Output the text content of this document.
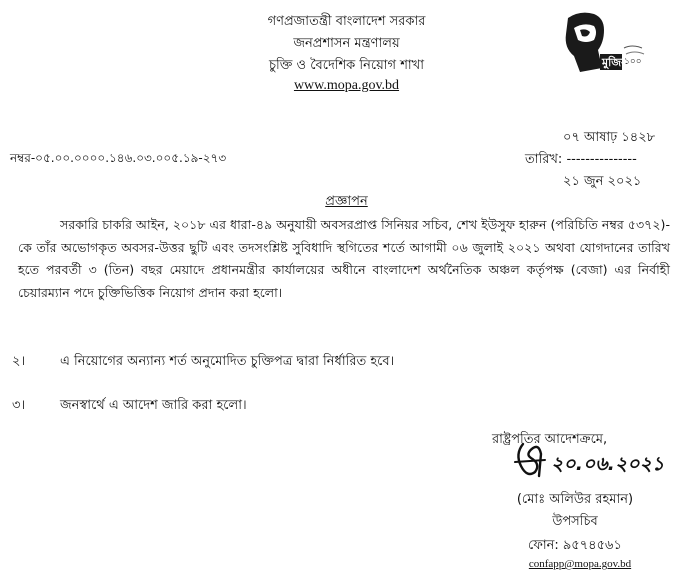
গণপ্রজাতন্ত্রী বাংলাদেশ সরকার
জনপ্রশাসন মন্ত্রণালয়
চুক্তি ও বৈদেশিক নিয়োগ শাখা
www.mopa.gov.bd
মুজিব
১০০
০৭ আষাঢ় ১৪২৮
নম্বর-০৫.০০.০০০০.১৪৬.০৩.০০৫.১৯-২৭৩	তারিখ: ---------------
২১ জুন ২০২১
প্রজ্ঞাপন
সরকারি চাকরি আইন, ২০১৮ এর ধারা-৪৯ অনুযায়ী অবসরপ্রাপ্ত সিনিয়র সচিব, শেখ ইউসুফ হারুন (পরিচিতি নম্বর ৫৩৭২)-কে তাঁর অভোগকৃত অবসর-উত্তর ছুটি এবং তদসংশ্লিষ্ট সুবিধাদি স্থগিতের শর্তে আগামী ০৬ জুলাই ২০২১ অথবা যোগদানের তারিখ হতে পরবর্তী ৩ (তিন) বছর মেয়াদে প্রধানমন্ত্রীর কার্যালয়ের অধীনে বাংলাদেশ অর্থনৈতিক অঞ্চল কর্তৃপক্ষ (বেজা) এর নির্বাহী চেয়ারম্যান পদে চুক্তিভিত্তিক নিয়োগ প্রদান করা হলো।
২।	এ নিয়োগের অন্যান্য শর্ত অনুমোদিত চুক্তিপত্র দ্বারা নির্ধারিত হবে।
৩।	জনস্বার্থে এ আদেশ জারি করা হলো।
রাষ্ট্রপতির আদেশক্রমে,
২০.০৬.২০২১
(মোঃ অলিউর রহমান)
উপসচিব
ফোন: ৯৫৭৪৫৬১
confapp@mopa.gov.bd
